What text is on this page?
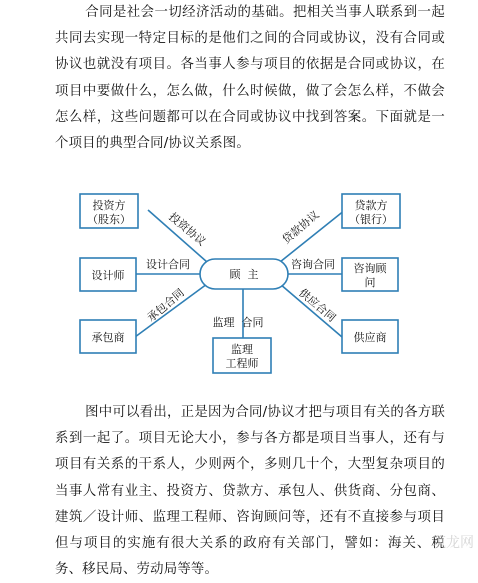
合同是社会一切经济活动的基础。把相关当事人联系到一起共同去实现一特定目标的是他们之间的合同或协议，没有合同或协议也就没有项目。各当事人参与项目的依据是合同或协议，在项目中要做什么，怎么做，什么时候做，做了会怎么样，不做会怎么样，这些问题都可以在合同或协议中找到答案。下面就是一个项目的典型合同/协议关系图。

顾  主
投资方
（股东）
贷款方
（银行）
设计师
咨询顾
问
承包商	供应商
监理
工程师
投资协议	贷款协议
设计合同	咨询合同
承包合同	供应合同
监理  合同

图中可以看出，正是因为合同/协议才把与项目有关的各方联系到一起了。项目无论大小，参与各方都是项目当事人，还有与项目有关系的干系人，少则两个，多则几十个，大型复杂项目的当事人常有业主、投资方、贷款方、承包人、供货商、分包商、建筑／设计师、监理工程师、咨询顾问等，还有不直接参与项目但与项目的实施有很大关系的政府有关部门，譬如：海关、税务、移民局、劳动局等等。

筑龙网
